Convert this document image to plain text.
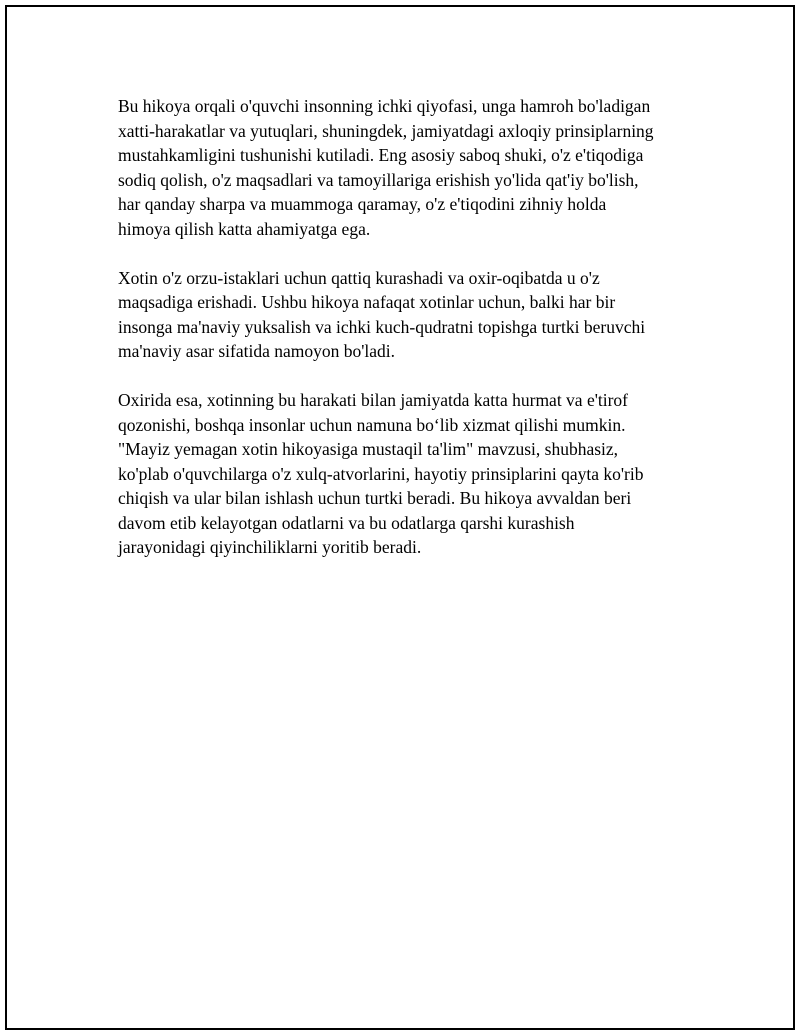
Bu hikoya orqali o'quvchi insonning ichki qiyofasi, unga hamroh bo'ladigan
xatti-harakatlar va yutuqlari, shuningdek, jamiyatdagi axloqiy prinsiplarning
mustahkamligini tushunishi kutiladi. Eng asosiy saboq shuki, o'z e'tiqodiga
sodiq qolish, o'z maqsadlari va tamoyillariga erishish yo'lida qat'iy bo'lish,
har qanday sharpa va muammoga qaramay, o'z e'tiqodini zihniy holda
himoya qilish katta ahamiyatga ega.

Xotin o'z orzu-istaklari uchun qattiq kurashadi va oxir-oqibatda u o'z
maqsadiga erishadi. Ushbu hikoya nafaqat xotinlar uchun, balki har bir
insonga ma'naviy yuksalish va ichki kuch-qudratni topishga turtki beruvchi
ma'naviy asar sifatida namoyon bo'ladi.

Oxirida esa, xotinning bu harakati bilan jamiyatda katta hurmat va e'tirof
qozonishi, boshqa insonlar uchun namuna bo‘lib xizmat qilishi mumkin.
"Mayiz yemagan xotin hikoyasiga mustaqil ta'lim" mavzusi, shubhasiz,
ko'plab o'quvchilarga o'z xulq-atvorlarini, hayotiy prinsiplarini qayta ko'rib
chiqish va ular bilan ishlash uchun turtki beradi. Bu hikoya avvaldan beri
davom etib kelayotgan odatlarni va bu odatlarga qarshi kurashish
jarayonidagi qiyinchiliklarni yoritib beradi.
